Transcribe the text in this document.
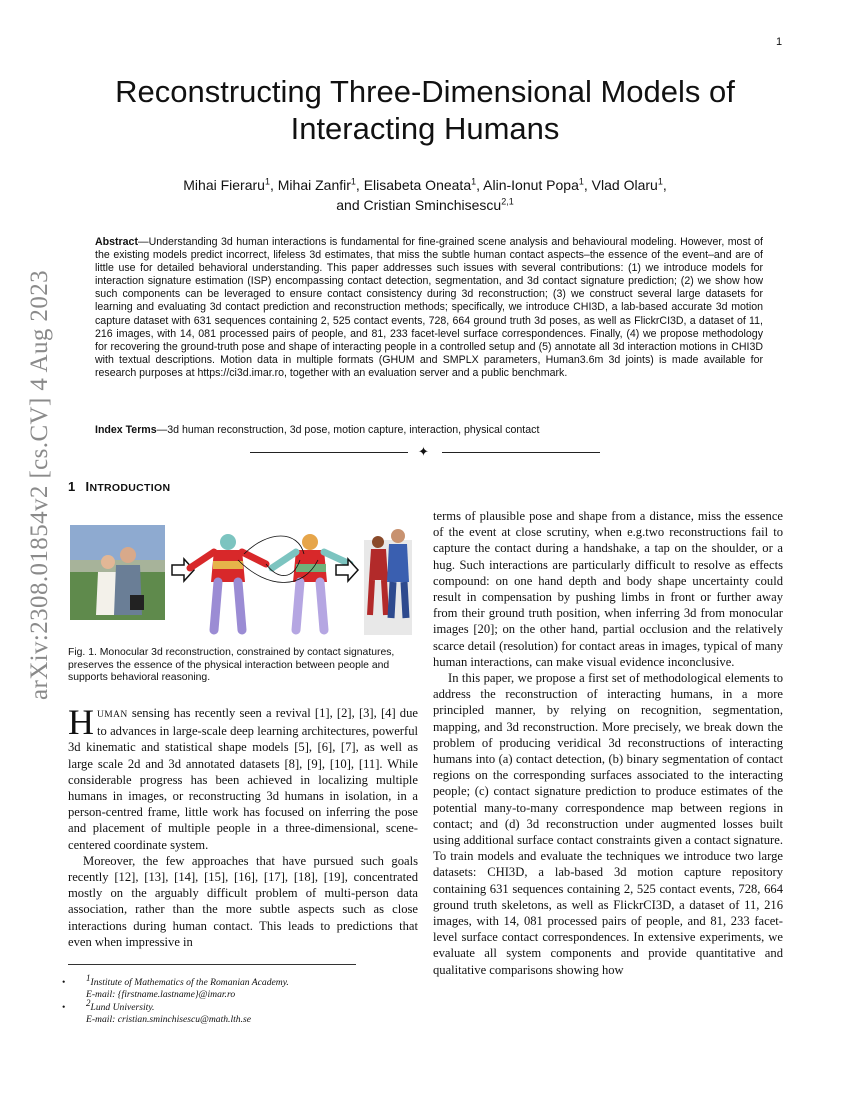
1
arXiv:2308.01854v2 [cs.CV] 4 Aug 2023
Reconstructing Three-Dimensional Models of Interacting Humans
Mihai Fieraru$^1$, Mihai Zanfir$^1$, Elisabeta Oneata$^1$, Alin-Ionut Popa$^1$, Vlad Olaru$^1$,
and Cristian Sminchisescu$^{2,1}$
Abstract—Understanding 3d human interactions is fundamental for fine-grained scene analysis and behavioural modeling. However, most of the existing models predict incorrect, lifeless 3d estimates, that miss the subtle human contact aspects–the essence of the event–and are of little use for detailed behavioral understanding. This paper addresses such issues with several contributions: (1) we introduce models for interaction signature estimation (ISP) encompassing contact detection, segmentation, and 3d contact signature prediction; (2) we show how such components can be leveraged to ensure contact consistency during 3d reconstruction; (3) we construct several large datasets for learning and evaluating 3d contact prediction and reconstruction methods; specifically, we introduce CHI3D, a lab-based accurate 3d motion capture dataset with 631 sequences containing 2, 525 contact events, 728, 664 ground truth 3d poses, as well as FlickrCI3D, a dataset of 11, 216 images, with 14, 081 processed pairs of people, and 81, 233 facet-level surface correspondences. Finally, (4) we propose methodology for recovering the ground-truth pose and shape of interacting people in a controlled setup and (5) annotate all 3d interaction motions in CHI3D with textual descriptions. Motion data in multiple formats (GHUM and SMPLX parameters, Human3.6m 3d joints) is made available for research purposes at https://ci3d.imar.ro, together with an evaluation server and a public benchmark.
Index Terms—3d human reconstruction, 3d pose, motion capture, interaction, physical contact
✦
1 INTRODUCTION
Fig. 1. Monocular 3d reconstruction, constrained by contact signatures, preserves the essence of the physical interaction between people and supports behavioral reasoning.

HUMAN sensing has recently seen a revival [1], [2], [3], [4] due to advances in large-scale deep learning architectures, powerful 3d kinematic and statistical shape models [5], [6], [7], as well as large scale 2d and 3d annotated datasets [8], [9], [10], [11]. While considerable progress has been achieved in localizing multiple humans in images, or reconstructing 3d humans in isolation, in a person-centred frame, little work has focused on inferring the pose and placement of multiple people in a three-dimensional, scene-centered coordinate system.

Moreover, the few approaches that have pursued such goals recently [12], [13], [14], [15], [16], [17], [18], [19], concentrated mostly on the arguably difficult problem of multi-person data association, rather than the more subtle aspects such as close interactions during human contact. This leads to predictions that even when impressive in

terms of plausible pose and shape from a distance, miss the essence of the event at close scrutiny, when e.g.two reconstructions fail to capture the contact during a handshake, a tap on the shoulder, or a hug. Such interactions are particularly difficult to resolve as effects compound: on one hand depth and body shape uncertainty could result in compensation by pushing limbs in front or further away from their ground truth position, when inferring 3d from monocular images [20]; on the other hand, partial occlusion and the relatively scarce detail (resolution) for contact areas in images, typical of many human interactions, can make visual evidence inconclusive.

In this paper, we propose a first set of methodological elements to address the reconstruction of interacting humans, in a more principled manner, by relying on recognition, segmentation, mapping, and 3d reconstruction. More precisely, we break down the problem of producing veridical 3d reconstructions of interacting humans into (a) contact detection, (b) binary segmentation of contact regions on the corresponding surfaces associated to the interacting people; (c) contact signature prediction to produce estimates of the potential many-to-many correspondence map between regions in contact; and (d) 3d reconstruction under augmented losses built using additional surface contact constraints given a contact signature. To train models and evaluate the techniques we introduce two large datasets: CHI3D, a lab-based 3d motion capture repository containing 631 sequences containing 2, 525 contact events, 728, 664 ground truth skeletons, as well as FlickrCI3D, a dataset of 11, 216 images, with 14, 081 processed pairs of people, and 81, 233 facet-level surface contact correspondences. In extensive experiments, we evaluate all system components and provide quantitative and qualitative comparisons showing how

• $^1$Institute of Mathematics of the Romanian Academy.
E-mail: {firstname.lastname}@imar.ro
• $^2$Lund University.
E-mail: cristian.sminchisescu@math.lth.se
